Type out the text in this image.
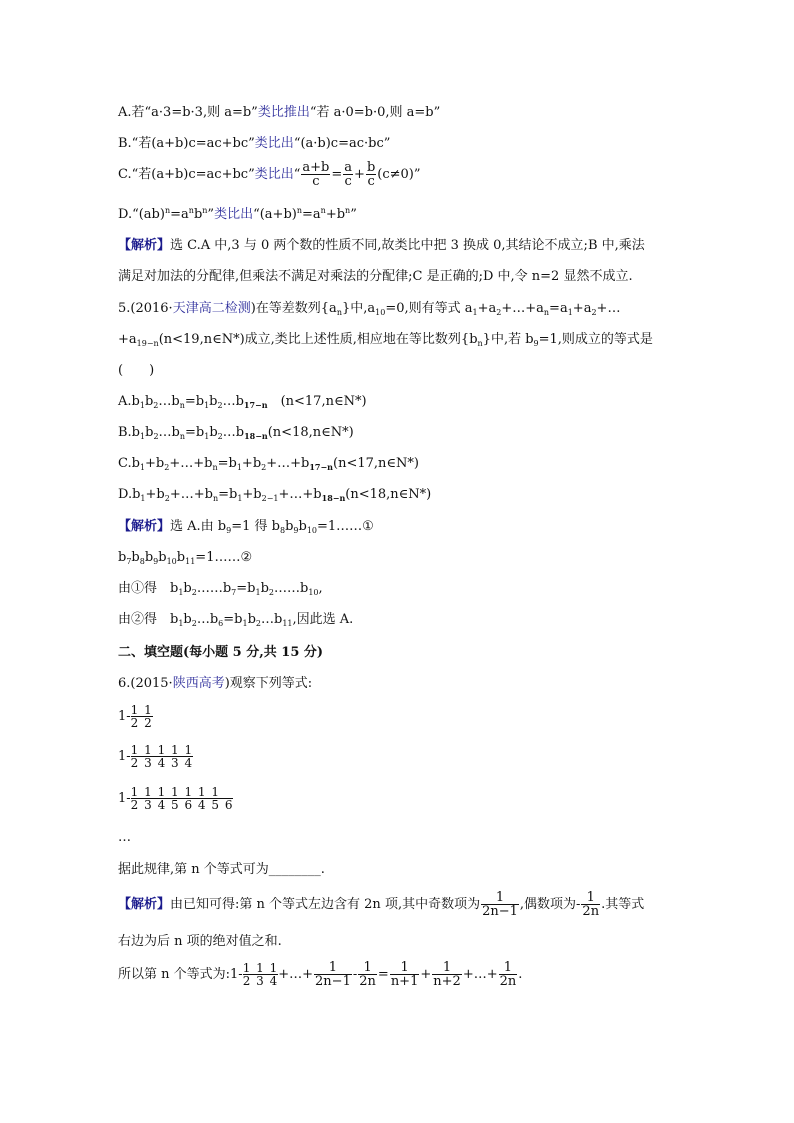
A.若“a·3=b·3,则 a=b”类比推出“若 a·0=b·0,则 a=b”
B.“若(a+b)c=ac+bc”类比出“(a·b)c=ac·bc”
C.“若(a+b)c=ac+bc”类比出“ $\frac{a+b}{c} = \frac{a}{c} + \frac{b}{c} (c\ne 0)$”
$D.“(ab)^n=a^nb^n$”类比出“$(a+b)^n=a^n+b^n$”
【解析】选 C.A 中,3 与 0 两个数的性质不同,故类比中把 3 换成 0,其结论不成立;B 中,乘法
满足对加法的分配律,但乘法不满足对乘法的分配律;C 是正确的;D 中,令 n=2 显然不成立.
5.(2016·天津高二检测)在等差数列$\{a_n\}$中$,a_{10}=0$,则有等式 $a_1+a_2+\dots+a_n=a_1+a_2+\dots$
$+a_{19-n}(n<19,n\in N*)$成立,类比上述性质,相应地在等比数列$\{b_n\}$中,若 $b_9=1$,则成立的等式是
(　　)
$A.b_1b_2\dots b_n=b_1b_2\dots b_{17-n}$　(n<17,n∈N*)
$B.b_1b_2\dots b_n=b_1b_2\dots b_{18-n}(n<18,n\in N*)$
$C.b_1+b_2+\dots+b_n=b_1+b_2+\dots+b_{17-n}(n<17,n\in N*)$
$D.b_1+b_2+\dots+b_n=b_1+b_{2-1}+\dots+b_{18-n}(n<18,n\in N*)$
【解析】选 A.由 $b_9=1$ 得 $b_8b_9b_{10}=1\dots\dots ①$
$b_7b_8b_9b_{10}b_{11}=1\dots\dots ②$
由①得　$b_1b_2\dots\dots b_7=b_1b_2\dots\dots b_{10}$,
由②得　$b_1b_2\dots b_6=b_1b_2\dots b_{11}$,因此选 A.
二、填空题(每小题 5 分,共 15 分)
6.(2015·陕西高考)观察下列等式:
$1- \frac{1 1}{2 2}$
$1- \frac{1 1 1 1 1}{2 3 4 3 4}$
$1- \frac{1 1 1 1 1 1 1}{2 3 4 5 6 4 5 6}$
…
据此规律,第 n 个等式可为________.
【解析】由已知可得:第 n 个等式左边含有 2n 项,其中奇数项为 $\frac{1}{2n-1}$ ,偶数项为- $\frac{1}{2n}$ .其等式
右边为后 n 项的绝对值之和.
所以第 n 个等式为:1- $\frac{1 1 1}{2 3 4}$ +…+ $\frac{1}{2n-1} - \frac{1}{2n} = \frac{1}{n+1} + \frac{1}{n+2}$ +…+ $\frac{1}{2n}$ .
